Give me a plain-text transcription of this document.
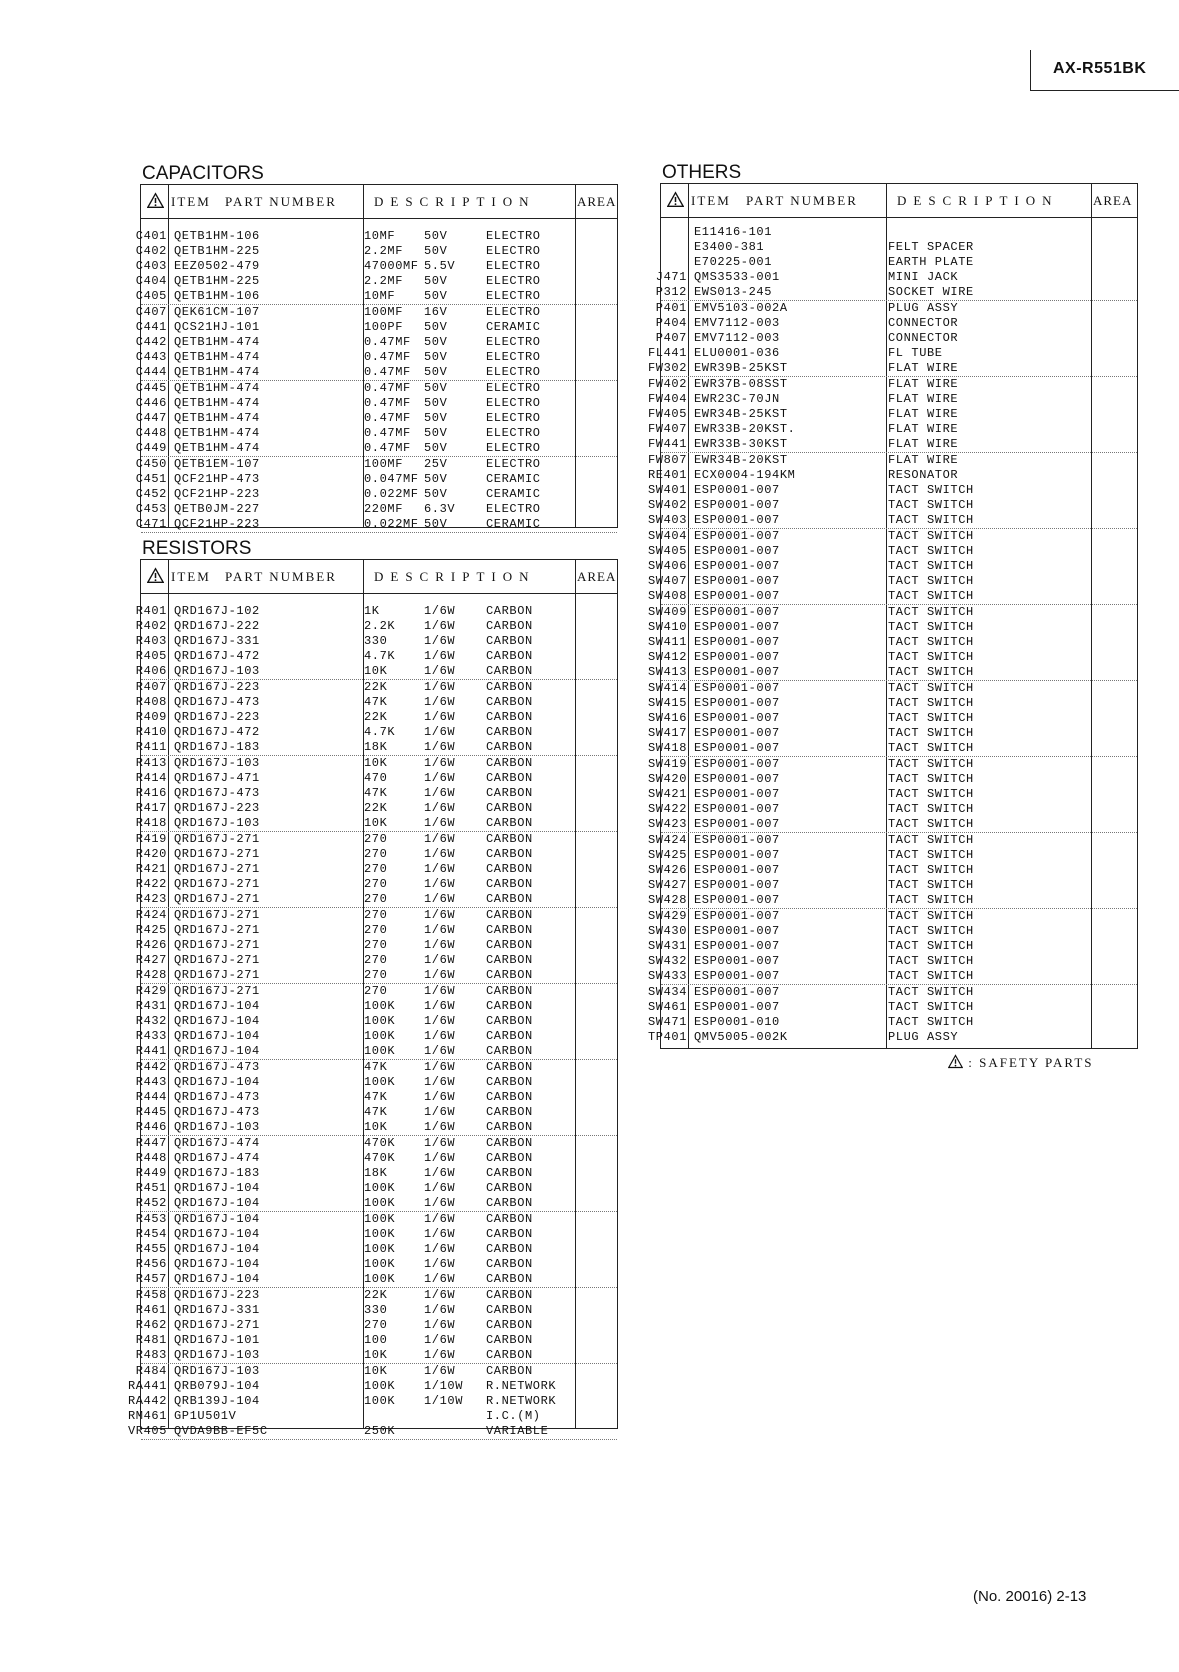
AX-R551BK
CAPACITORS
ITEM PART NUMBER	DESCRIPTION	AREA
C401 QETB1HM-106	10MF 50V	ELECTRO
C402 QETB1HM-225	2.2MF 50V	ELECTRO
C403 EEZ0502-479	47000MF 5.5V	ELECTRO
C404 QETB1HM-225	2.2MF 50V	ELECTRO
C405 QETB1HM-106	10MF 50V	ELECTRO
C407 QEK61CM-107	100MF 16V	ELECTRO
C441 QCS21HJ-101	100PF 50V	CERAMIC
C442 QETB1HM-474	0.47MF 50V	ELECTRO
C443 QETB1HM-474	0.47MF 50V	ELECTRO
C444 QETB1HM-474	0.47MF 50V	ELECTRO
C445 QETB1HM-474	0.47MF 50V	ELECTRO
C446 QETB1HM-474	0.47MF 50V	ELECTRO
C447 QETB1HM-474	0.47MF 50V	ELECTRO
C448 QETB1HM-474	0.47MF 50V	ELECTRO
C449 QETB1HM-474	0.47MF 50V	ELECTRO
C450 QETB1EM-107	100MF 25V	ELECTRO
C451 QCF21HP-473	0.047MF 50V	CERAMIC
C452 QCF21HP-223	0.022MF 50V	CERAMIC
C453 QETB0JM-227	220MF 6.3V	ELECTRO
C471 QCF21HP-223	0.022MF 50V	CERAMIC
RESISTORS
ITEM PART NUMBER	DESCRIPTION	AREA
R401 QRD167J-102	1K	1/6W	CARBON
R402 QRD167J-222	2.2K 1/6W	CARBON
R403 QRD167J-331	330	1/6W	CARBON
R405 QRD167J-472	4.7K 1/6W	CARBON
R406 QRD167J-103	10K	1/6W	CARBON
R407 QRD167J-223	22K	1/6W	CARBON
R408 QRD167J-473	47K	1/6W	CARBON
R409 QRD167J-223	22K	1/6W	CARBON
R410 QRD167J-472	4.7K 1/6W	CARBON
R411 QRD167J-183	18K	1/6W	CARBON
R413 QRD167J-103	10K	1/6W	CARBON
R414 QRD167J-471	470	1/6W	CARBON
R416 QRD167J-473	47K	1/6W	CARBON
R417 QRD167J-223	22K	1/6W	CARBON
R418 QRD167J-103	10K	1/6W	CARBON
R419 QRD167J-271	270	1/6W	CARBON
R420 QRD167J-271	270	1/6W	CARBON
R421 QRD167J-271	270	1/6W	CARBON
R422 QRD167J-271	270	1/6W	CARBON
R423 QRD167J-271	270	1/6W	CARBON
R424 QRD167J-271	270	1/6W	CARBON
R425 QRD167J-271	270	1/6W	CARBON
R426 QRD167J-271	270	1/6W	CARBON
R427 QRD167J-271	270	1/6W	CARBON
R428 QRD167J-271	270	1/6W	CARBON
R429 QRD167J-271	270	1/6W	CARBON
R431 QRD167J-104	100K 1/6W	CARBON
R432 QRD167J-104	100K 1/6W	CARBON
R433 QRD167J-104	100K 1/6W	CARBON
R441 QRD167J-104	100K 1/6W	CARBON
R442 QRD167J-473	47K	1/6W	CARBON
R443 QRD167J-104	100K 1/6W	CARBON
R444 QRD167J-473	47K	1/6W	CARBON
R445 QRD167J-473	47K	1/6W	CARBON
R446 QRD167J-103	10K	1/6W	CARBON
R447 QRD167J-474	470K 1/6W	CARBON
R448 QRD167J-474	470K 1/6W	CARBON
R449 QRD167J-183	18K	1/6W	CARBON
R451 QRD167J-104	100K 1/6W	CARBON
R452 QRD167J-104	100K 1/6W	CARBON
R453 QRD167J-104	100K 1/6W	CARBON
R454 QRD167J-104	100K 1/6W	CARBON
R455 QRD167J-104	100K 1/6W	CARBON
R456 QRD167J-104	100K 1/6W	CARBON
R457 QRD167J-104	100K 1/6W	CARBON
R458 QRD167J-223	22K	1/6W	CARBON
R461 QRD167J-331	330	1/6W	CARBON
R462 QRD167J-271	270	1/6W	CARBON
R481 QRD167J-101	100	1/6W	CARBON
R483 QRD167J-103	10K	1/6W	CARBON
R484 QRD167J-103	10K	1/6W	CARBON
RA441 QRB079J-104	100K 1/10W R.NETWORK
RA442 QRB139J-104	100K 1/10W R.NETWORK
RM461 GP1U501V	I.C.(M)
VR405 QVDA9BB-EF5C	250K	VARIABLE
OTHERS
ITEM PART NUMBER	DESCRIPTION	AREA
E11416-101
E3400-381	FELT SPACER
E70225-001	EARTH PLATE
J471 QMS3533-001	MINI JACK
P312 EWS013-245	SOCKET WIRE
P401 EMV5103-002A	PLUG ASSY
P404 EMV7112-003	CONNECTOR
P407 EMV7112-003	CONNECTOR
FL441 ELU0001-036	FL TUBE
FW302 EWR39B-25KST	FLAT WIRE
FW402 EWR37B-08SST	FLAT WIRE
FW404 EWR23C-70JN	FLAT WIRE
FW405 EWR34B-25KST	FLAT WIRE
FW407 EWR33B-20KST.	FLAT WIRE
FW441 EWR33B-30KST	FLAT WIRE
FW807 EWR34B-20KST	FLAT WIRE
RE401 ECX0004-194KM	RESONATOR
SW401 ESP0001-007	TACT SWITCH
SW402 ESP0001-007	TACT SWITCH
SW403 ESP0001-007	TACT SWITCH
SW404 ESP0001-007	TACT SWITCH
SW405 ESP0001-007	TACT SWITCH
SW406 ESP0001-007	TACT SWITCH
SW407 ESP0001-007	TACT SWITCH
SW408 ESP0001-007	TACT SWITCH
SW409 ESP0001-007	TACT SWITCH
SW410 ESP0001-007	TACT SWITCH
SW411 ESP0001-007	TACT SWITCH
SW412 ESP0001-007	TACT SWITCH
SW413 ESP0001-007	TACT SWITCH
SW414 ESP0001-007	TACT SWITCH
SW415 ESP0001-007	TACT SWITCH
SW416 ESP0001-007	TACT SWITCH
SW417 ESP0001-007	TACT SWITCH
SW418 ESP0001-007	TACT SWITCH
SW419 ESP0001-007	TACT SWITCH
SW420 ESP0001-007	TACT SWITCH
SW421 ESP0001-007	TACT SWITCH
SW422 ESP0001-007	TACT SWITCH
SW423 ESP0001-007	TACT SWITCH
SW424 ESP0001-007	TACT SWITCH
SW425 ESP0001-007	TACT SWITCH
SW426 ESP0001-007	TACT SWITCH
SW427 ESP0001-007	TACT SWITCH
SW428 ESP0001-007	TACT SWITCH
SW429 ESP0001-007	TACT SWITCH
SW430 ESP0001-007	TACT SWITCH
SW431 ESP0001-007	TACT SWITCH
SW432 ESP0001-007	TACT SWITCH
SW433 ESP0001-007	TACT SWITCH
SW434 ESP0001-007	TACT SWITCH
SW461 ESP0001-007	TACT SWITCH
SW471 ESP0001-010	TACT SWITCH
TP401 QMV5005-002K	PLUG ASSY
: SAFETY PARTS
(No. 20016) 2-13
